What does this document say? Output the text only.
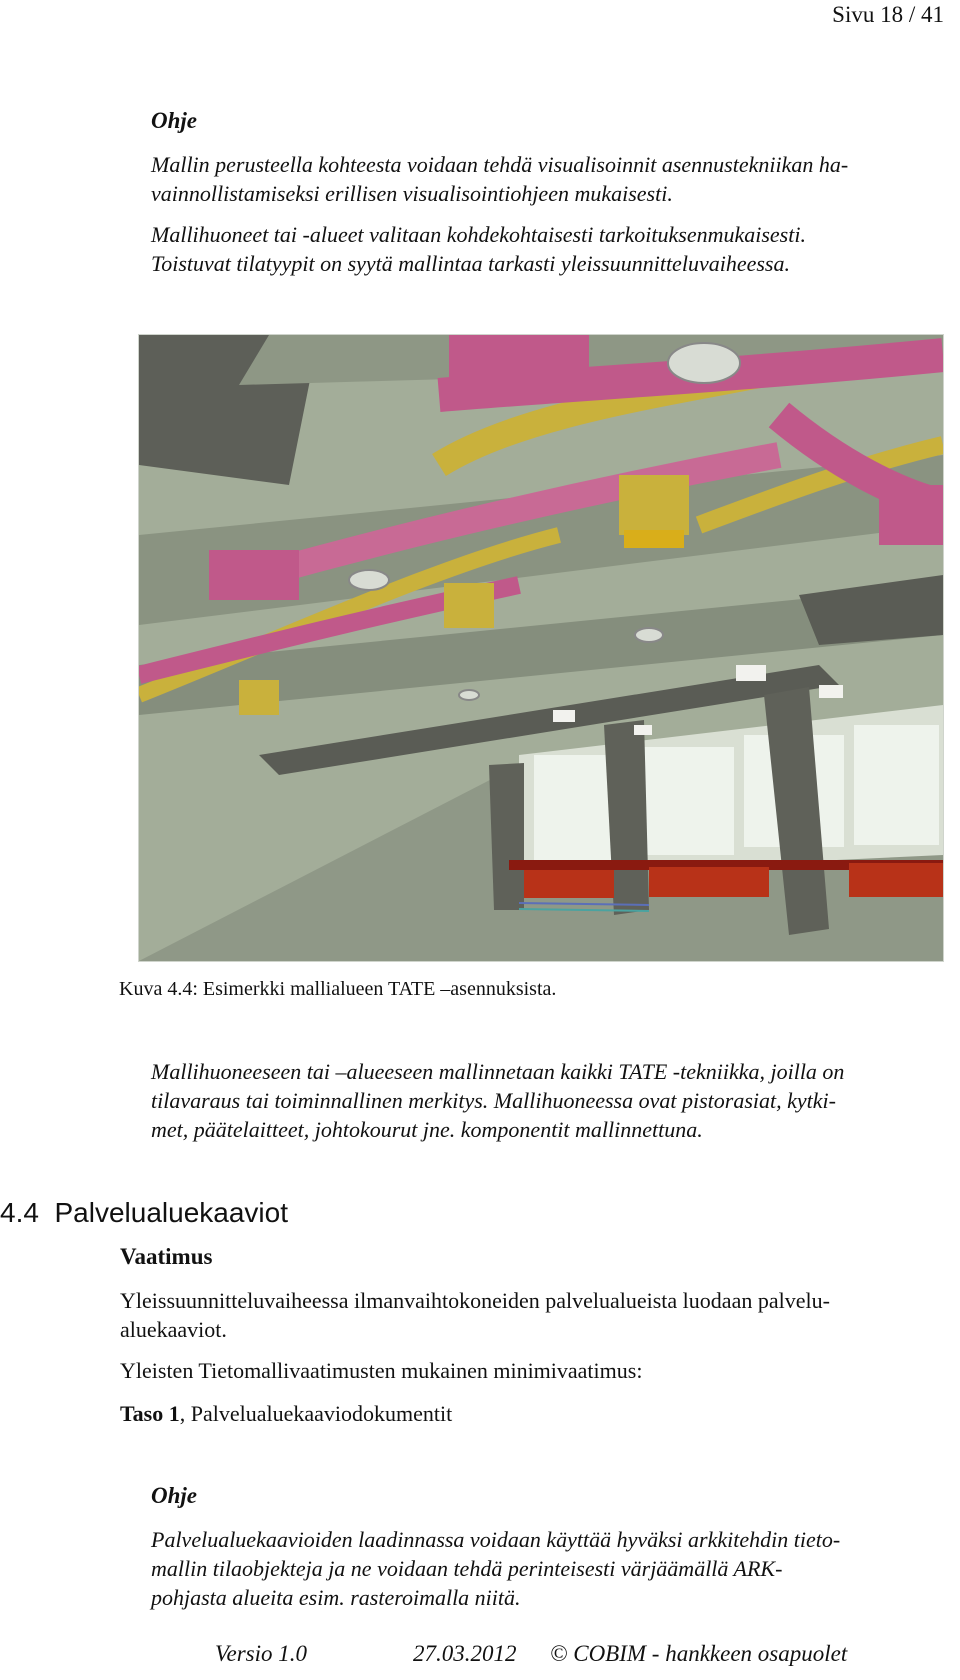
Sivu 18 / 41
Ohje
Mallin perusteella kohteesta voidaan tehdä visualisoinnit asennustekniikan ha-
vainnollistamiseksi erillisen visualisointiohjeen mukaisesti.
Mallihuoneet tai -alueet valitaan kohdekohtaisesti tarkoituksenmukaisesti.
Toistuvat tilatyypit on syytä mallintaa tarkasti yleissuunnitteluvaiheessa.
Kuva 4.4: Esimerkki mallialueen TATE –asennuksista.
Mallihuoneeseen tai –alueeseen mallinnetaan kaikki TATE -tekniikka, joilla on
tilavaraus tai toiminnallinen merkitys. Mallihuoneessa ovat pistorasiat, kytki-
met, päätelaitteet, johtokourut jne. komponentit mallinnettuna.
4.4 Palvelualuekaaviot
Vaatimus
Yleissuunnitteluvaiheessa ilmanvaihtokoneiden palvelualueista luodaan palvelu-
aluekaaviot.
Yleisten Tietomallivaatimusten mukainen minimivaatimus:
Taso 1, Palvelualuekaaviodokumentit
Ohje
Palvelualuekaavioiden laadinnassa voidaan käyttää hyväksi arkkitehdin tieto-
mallin tilaobjekteja ja ne voidaan tehdä perinteisesti värjäämällä ARK-
pohjasta alueita esim. rasteroimalla niitä.
Versio 1.0	27.03.2012 © COBIM - hankkeen osapuolet
